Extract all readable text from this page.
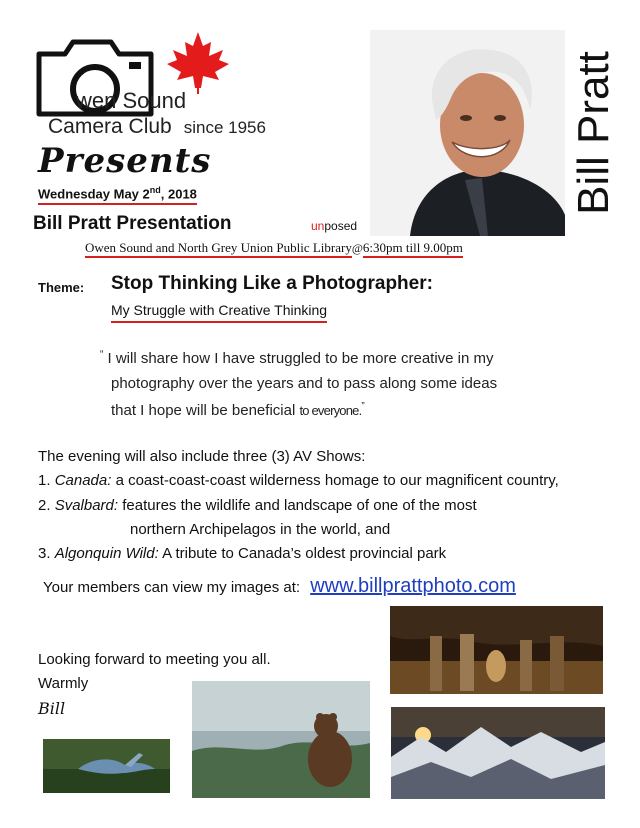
wen Sound
Camera Club since 1956
Presents
Wednesday May 2nd, 2018	Bill Pratt
Bill Pratt Presentation	unposed
Owen Sound and North Grey Union Public Library@6:30pm till 9.00pm
Theme: Stop Thinking Like a Photographer:
My Struggle with Creative Thinking
“ I will share how I have struggled to be more creative in my
photography over the years and to pass along some ideas
that I hope will be beneficial to everyone.”
The evening will also include three (3) AV Shows:
1. Canada: a coast-coast-coast wilderness homage to our magnificent country,
2. Svalbard: features the wildlife and landscape of one of the most
northern Archipelagos in the world, and
3. Algonquin Wild: A tribute to Canada’s oldest provincial park
Your members can view my images at: www.billprattphoto.com
Looking forward to meeting you all.
Warmly
Bill
